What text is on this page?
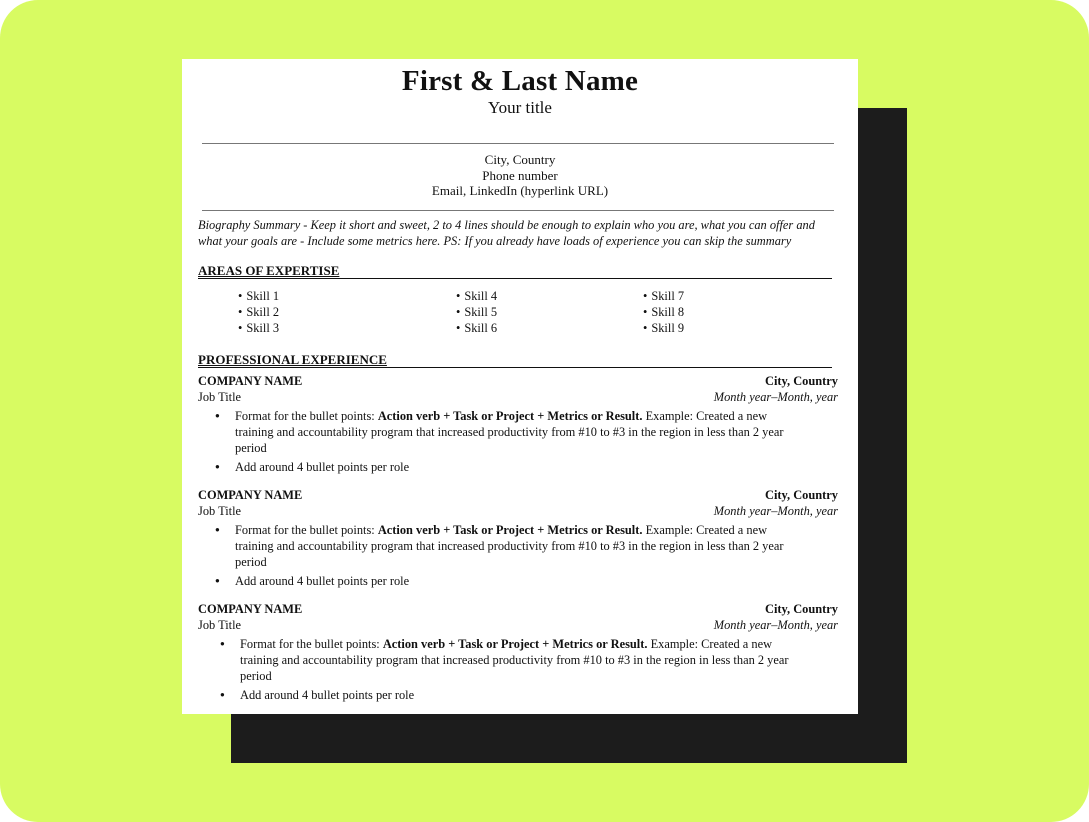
First & Last Name
Your title
City, Country
Phone number
Email, LinkedIn (hyperlink URL)
Biography Summary - Keep it short and sweet, 2 to 4 lines should be enough to explain who you are, what you can offer and what your goals are - Include some metrics here. PS: If you already have loads of experience you can skip the summary
AREAS OF EXPERTISE
• Skill 1
• Skill 2
• Skill 3
• Skill 4
• Skill 5
• Skill 6
• Skill 7
• Skill 8
• Skill 9
PROFESSIONAL EXPERIENCE
COMPANY NAME	City, Country
Job Title	Month year–Month, year
● Format for the bullet points: Action verb + Task or Project + Metrics or Result. Example: Created a new training and accountability program that increased productivity from #10 to #3 in the region in less than 2 year period
● Add around 4 bullet points per role
COMPANY NAME	City, Country
Job Title	Month year–Month, year
● Format for the bullet points: Action verb + Task or Project + Metrics or Result. Example: Created a new training and accountability program that increased productivity from #10 to #3 in the region in less than 2 year period
● Add around 4 bullet points per role
COMPANY NAME	City, Country
Job Title	Month year–Month, year
● Format for the bullet points: Action verb + Task or Project + Metrics or Result. Example: Created a new training and accountability program that increased productivity from #10 to #3 in the region in less than 2 year period
● Add around 4 bullet points per role
